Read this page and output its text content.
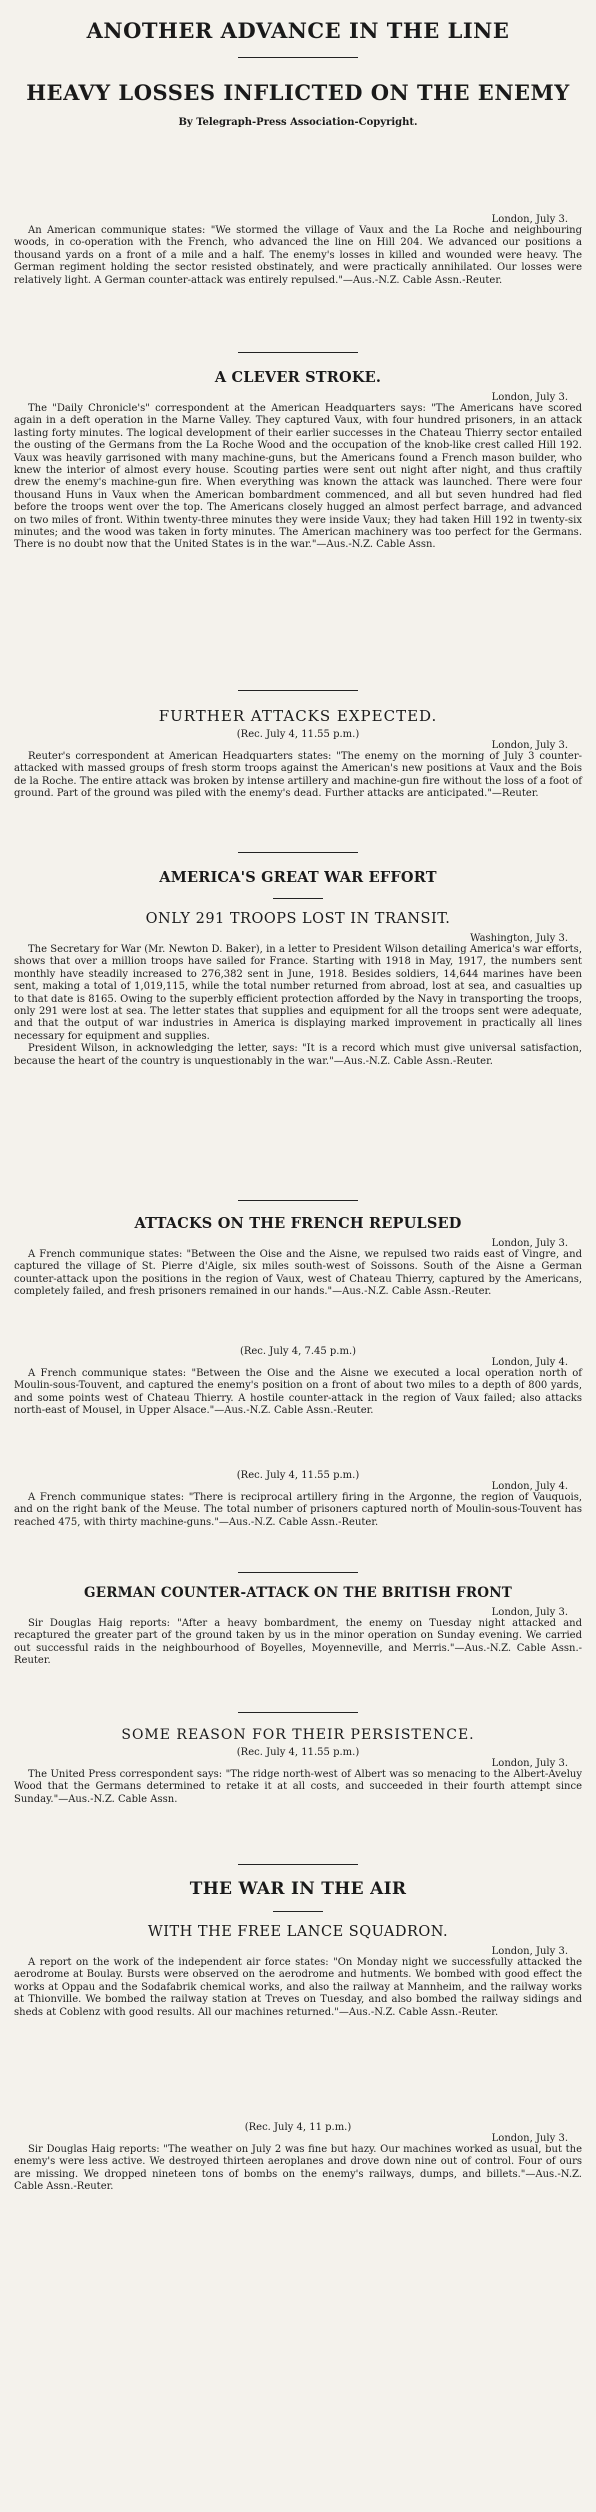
ANOTHER ADVANCE IN THE LINE
HEAVY LOSSES INFLICTED ON THE ENEMY
By Telegraph-Press Association-Copyright.
London, July 3.

An American communique states: "We stormed the village of Vaux and the La Roche and neighbouring woods, in co-operation with the French, who advanced the line on Hill 204. We advanced our positions a thousand yards on a front of a mile and a half. The enemy's losses in killed and wounded were heavy. The German regiment holding the sector resisted obstinately, and were practically annihilated. Our losses were relatively light. A German counter-attack was entirely repulsed."—Aus.-N.Z. Cable Assn.-Reuter.

A CLEVER STROKE.
London, July 3.

The "Daily Chronicle's" correspondent at the American Headquarters says: "The Americans have scored again in a deft operation in the Marne Valley. They captured Vaux, with four hundred prisoners, in an attack lasting forty minutes. The logical development of their earlier successes in the Chateau Thierry sector entailed the ousting of the Germans from the La Roche Wood and the occupation of the knob-like crest called Hill 192. Vaux was heavily garrisoned with many machine-guns, but the Americans found a French mason builder, who knew the interior of almost every house. Scouting parties were sent out night after night, and thus craftily drew the enemy's machine-gun fire. When everything was known the attack was launched. There were four thousand Huns in Vaux when the American bombardment commenced, and all but seven hundred had fled before the troops went over the top. The Americans closely hugged an almost perfect barrage, and advanced on two miles of front. Within twenty-three minutes they were inside Vaux; they had taken Hill 192 in twenty-six minutes; and the wood was taken in forty minutes. The American machinery was too perfect for the Germans. There is no doubt now that the United States is in the war."—Aus.-N.Z. Cable Assn.

FURTHER ATTACKS EXPECTED.
(Rec. July 4, 11.55 p.m.)
London, July 3.

Reuter's correspondent at American Headquarters states: "The enemy on the morning of July 3 counter-attacked with massed groups of fresh storm troops against the American's new positions at Vaux and the Bois de la Roche. The entire attack was broken by intense artillery and machine-gun fire without the loss of a foot of ground. Part of the ground was piled with the enemy's dead. Further attacks are anticipated."—Reuter.

AMERICA'S GREAT WAR EFFORT
ONLY 291 TROOPS LOST IN TRANSIT.
Washington, July 3.

The Secretary for War (Mr. Newton D. Baker), in a letter to President Wilson detailing America's war efforts, shows that over a million troops have sailed for France. Starting with 1918 in May, 1917, the numbers sent monthly have steadily increased to 276,382 sent in June, 1918. Besides soldiers, 14,644 marines have been sent, making a total of 1,019,115, while the total number returned from abroad, lost at sea, and casualties up to that date is 8165. Owing to the superbly efficient protection afforded by the Navy in transporting the troops, only 291 were lost at sea. The letter states that supplies and equipment for all the troops sent were adequate, and that the output of war industries in America is displaying marked improvement in practically all lines necessary for equipment and supplies.

President Wilson, in acknowledging the letter, says: "It is a record which must give universal satisfaction, because the heart of the country is unquestionably in the war."—Aus.-N.Z. Cable Assn.-Reuter.

ATTACKS ON THE FRENCH REPULSED
London, July 3.

A French communique states: "Between the Oise and the Aisne, we repulsed two raids east of Vingre, and captured the village of St. Pierre d'Aigle, six miles south-west of Soissons. South of the Aisne a German counter-attack upon the positions in the region of Vaux, west of Chateau Thierry, captured by the Americans, completely failed, and fresh prisoners remained in our hands."—Aus.-N.Z. Cable Assn.-Reuter.

(Rec. July 4, 7.45 p.m.)
London, July 4.

A French communique states: "Between the Oise and the Aisne we executed a local operation north of Moulin-sous-Touvent, and captured the enemy's position on a front of about two miles to a depth of 800 yards, and some points west of Chateau Thierry. A hostile counter-attack in the region of Vaux failed; also attacks north-east of Mousel, in Upper Alsace."—Aus.-N.Z. Cable Assn.-Reuter.

(Rec. July 4, 11.55 p.m.)
London, July 4.

A French communique states: "There is reciprocal artillery firing in the Argonne, the region of Vauquois, and on the right bank of the Meuse. The total number of prisoners captured north of Moulin-sous-Touvent has reached 475, with thirty machine-guns."—Aus.-N.Z. Cable Assn.-Reuter.

GERMAN COUNTER-ATTACK ON THE BRITISH FRONT
London, July 3.

Sir Douglas Haig reports: "After a heavy bombardment, the enemy on Tuesday night attacked and recaptured the greater part of the ground taken by us in the minor operation on Sunday evening. We carried out successful raids in the neighbourhood of Boyelles, Moyenneville, and Merris."—Aus.-N.Z. Cable Assn.-Reuter.

SOME REASON FOR THEIR PERSISTENCE.
(Rec. July 4, 11.55 p.m.)
London, July 3.

The United Press correspondent says: "The ridge north-west of Albert was so menacing to the Albert-Aveluy Wood that the Germans determined to retake it at all costs, and succeeded in their fourth attempt since Sunday."—Aus.-N.Z. Cable Assn.

THE WAR IN THE AIR
WITH THE FREE LANCE SQUADRON.
London, July 3.

A report on the work of the independent air force states: "On Monday night we successfully attacked the aerodrome at Boulay. Bursts were observed on the aerodrome and hutments. We bombed with good effect the works at Oppau and the Sodafabrik chemical works, and also the railway at Mannheim, and the railway works at Thionville. We bombed the railway station at Treves on Tuesday, and also bombed the railway sidings and sheds at Coblenz with good results. All our machines returned."—Aus.-N.Z. Cable Assn.-Reuter.

(Rec. July 4, 11 p.m.)
London, July 3.

Sir Douglas Haig reports: "The weather on July 2 was fine but hazy. Our machines worked as usual, but the enemy's were less active. We destroyed thirteen aeroplanes and drove down nine out of control. Four of ours are missing. We dropped nineteen tons of bombs on the enemy's railways, dumps, and billets."—Aus.-N.Z. Cable Assn.-Reuter.
